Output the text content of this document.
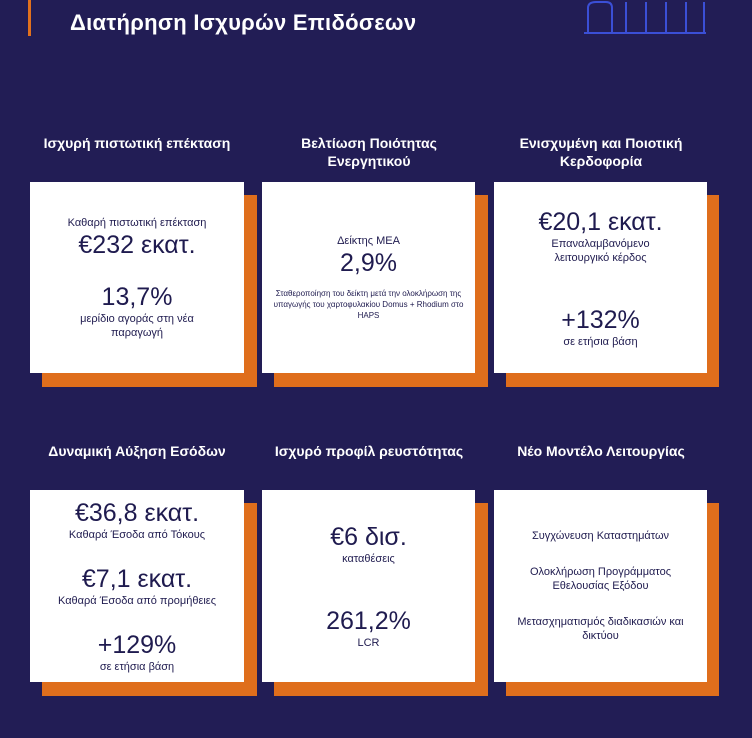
Διατήρηση Ισχυρών Επιδόσεων
Ισχυρή πιστωτική επέκταση
Καθαρή πιστωτική επέκταση
€232 εκατ.
13,7%
μερίδιο αγοράς στη νέα παραγωγή
Βελτίωση Ποιότητας Ενεργητικού
Δείκτης ΜΕΑ
2,9%
Σταθεροποίηση του δείκτη μετά την ολοκλήρωση της υπαγωγής του χαρτοφυλακίου Domus + Rhodium στο HAPS
Ενισχυμένη και Ποιοτική Κερδοφορία
€20,1 εκατ.
Επαναλαμβανόμενο λειτουργικό κέρδος
+132%
σε ετήσια βάση
Δυναμική Αύξηση Εσόδων
€36,8 εκατ.
Καθαρά Έσοδα από Τόκους
€7,1 εκατ.
Καθαρά Έσοδα από προμήθειες
+129%
σε ετήσια βάση
Ισχυρό προφίλ ρευστότητας
€6 δισ.
καταθέσεις
261,2%
LCR
Νέο Μοντέλο Λειτουργίας
Συγχώνευση Καταστημάτων
Ολοκλήρωση Προγράμματος Εθελουσίας Εξόδου
Μετασχηματισμός διαδικασιών και δικτύου
